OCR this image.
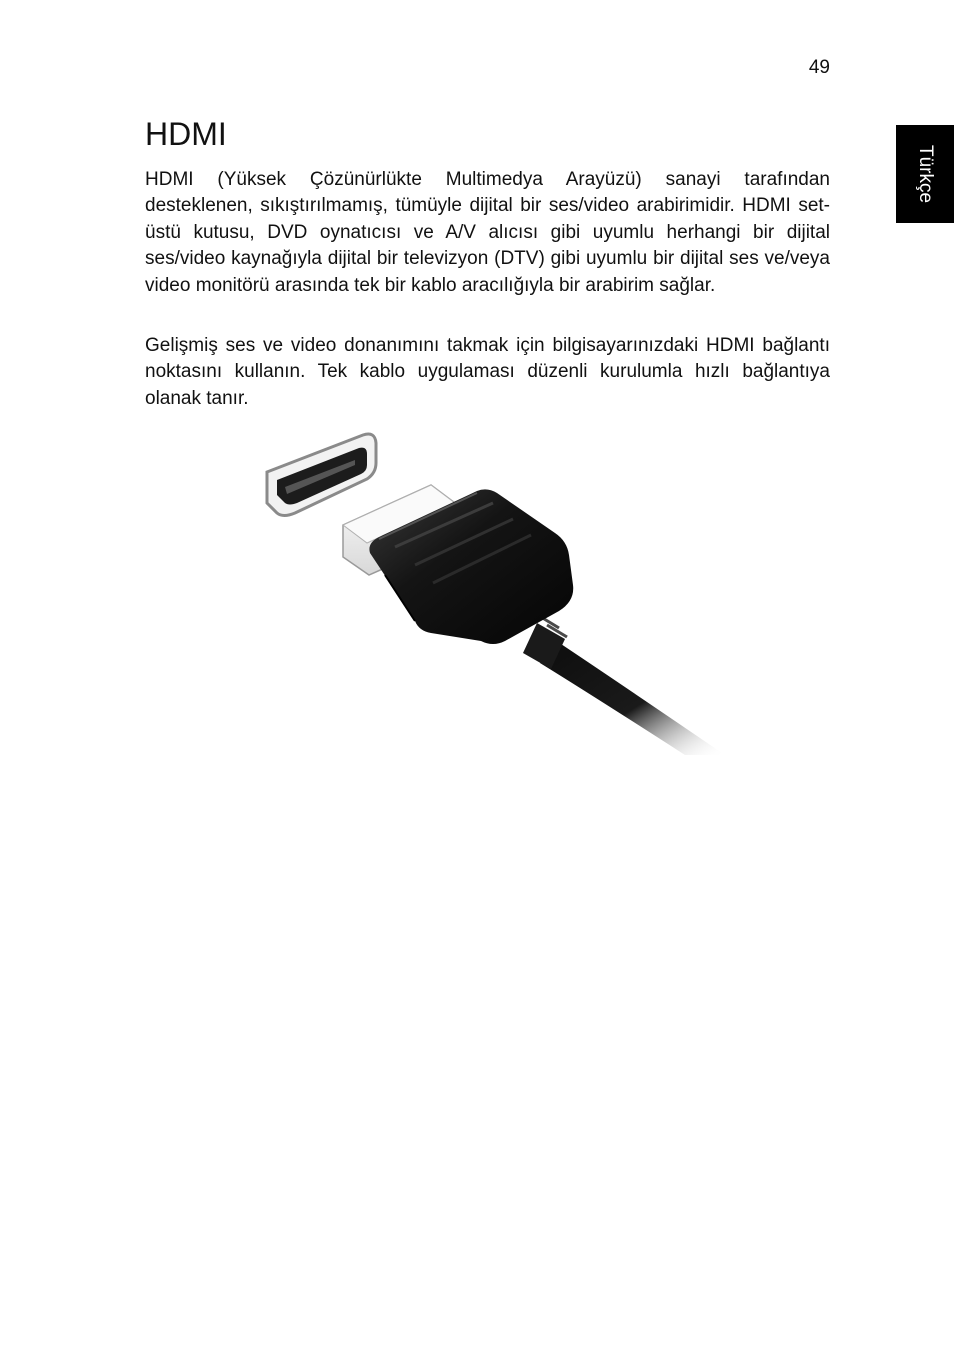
49
Türkçe
HDMI

HDMI (Yüksek Çözünürlükte Multimedya Arayüzü) sanayi tarafından desteklenen, sıkıştırılmamış, tümüyle dijital bir ses/video arabirimidir. HDMI set-üstü kutusu, DVD oynatıcısı ve A/V alıcısı gibi uyumlu herhangi bir dijital ses/video kaynağıyla dijital bir televizyon (DTV) gibi uyumlu bir dijital ses ve/veya video monitörü arasında tek bir kablo aracılığıyla bir arabirim sağlar.

Gelişmiş ses ve video donanımını takmak için bilgisayarınızdaki HDMI bağlantı noktasını kullanın. Tek kablo uygulaması düzenli kurulumla hızlı bağlantıya olanak tanır.
